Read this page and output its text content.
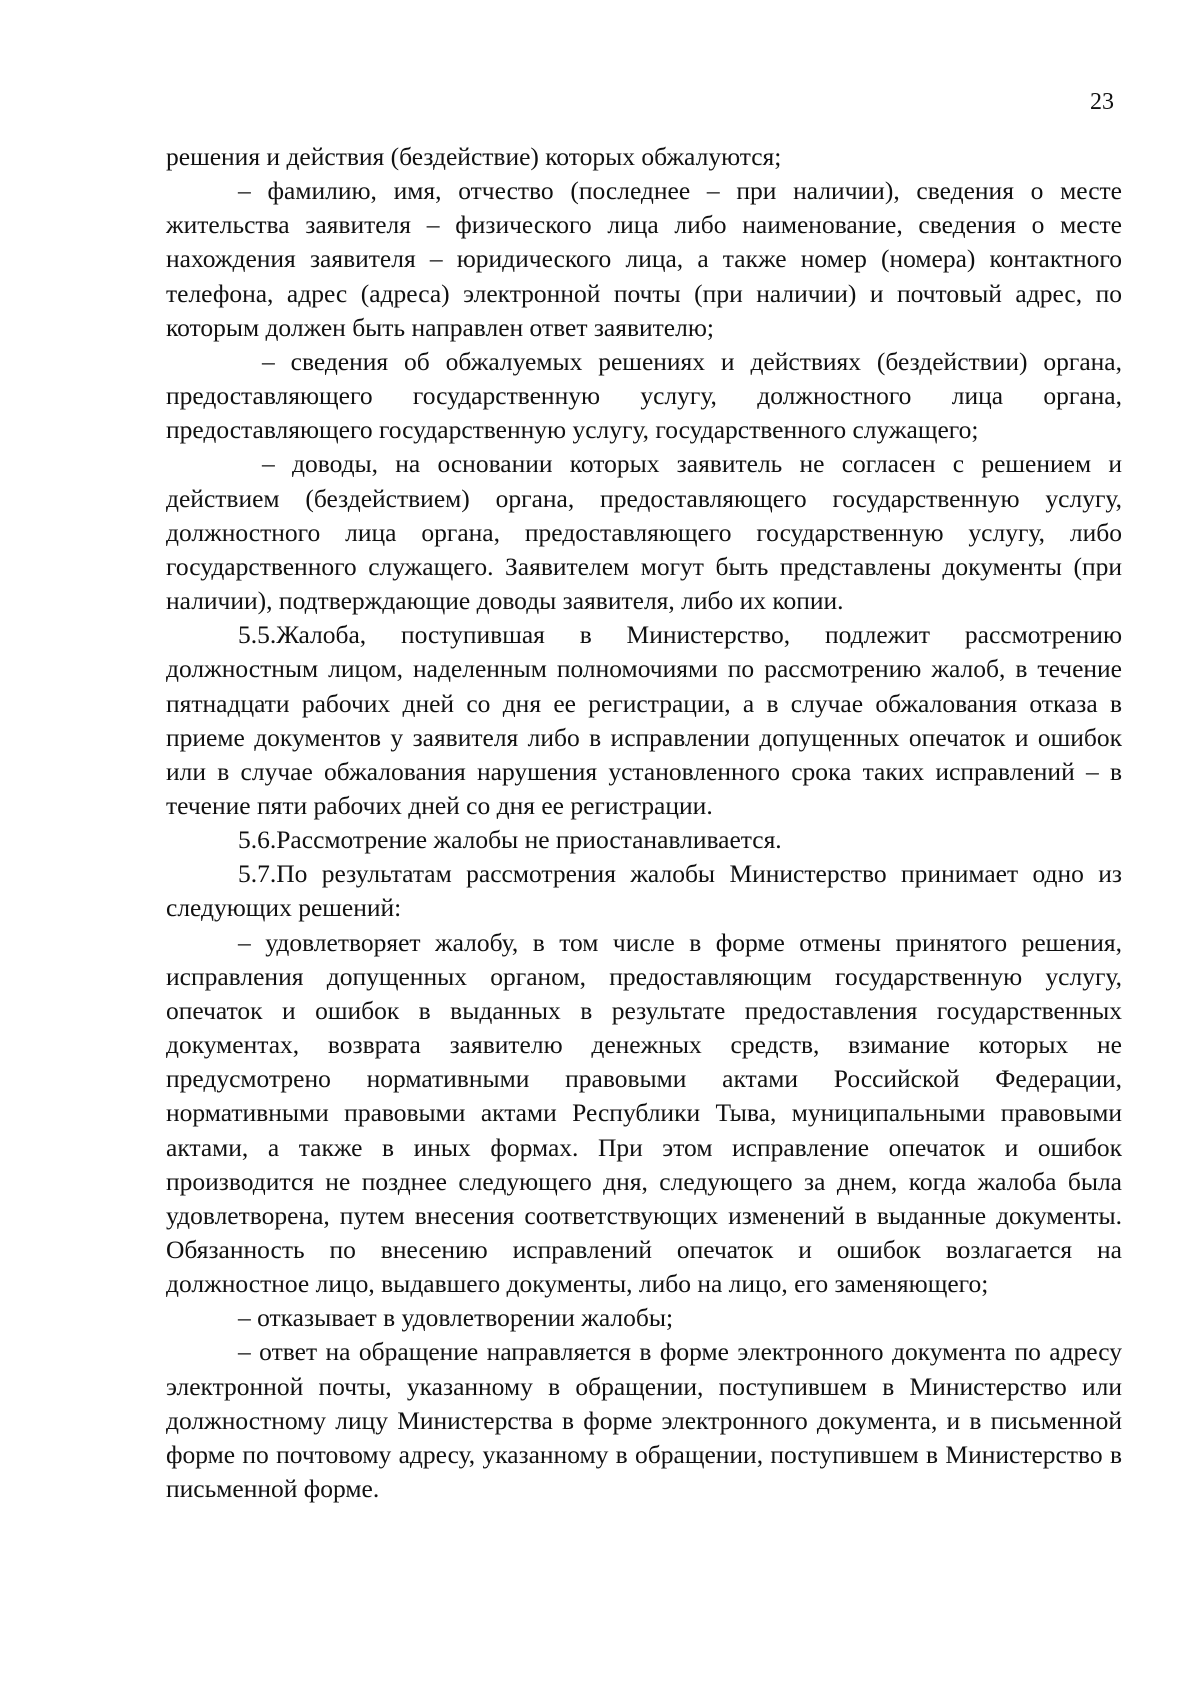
23

решения и действия (бездействие) которых обжалуются;

– фамилию, имя, отчество (последнее – при наличии), сведения о месте жительства заявителя – физического лица либо наименование, сведения о месте нахождения заявителя – юридического лица, а также номер (номера) контактного телефона, адрес (адреса) электронной почты (при наличии) и почтовый адрес, по которым должен быть направлен ответ заявителю;

– сведения об обжалуемых решениях и действиях (бездействии) органа, предоставляющего государственную услугу, должностного лица органа, предоставляющего государственную услугу, государственного служащего;

– доводы, на основании которых заявитель не согласен с решением и действием (бездействием) органа, предоставляющего государственную услугу, должностного лица органа, предоставляющего государственную услугу, либо государственного служащего. Заявителем могут быть представлены документы (при наличии), подтверждающие доводы заявителя, либо их копии.

5.5.Жалоба, поступившая в Министерство, подлежит рассмотрению должностным лицом, наделенным полномочиями по рассмотрению жалоб, в течение пятнадцати рабочих дней со дня ее регистрации, а в случае обжалования отказа в приеме документов у заявителя либо в исправлении допущенных опечаток и ошибок или в случае обжалования нарушения установленного срока таких исправлений – в течение пяти рабочих дней со дня ее регистрации.

5.6.Рассмотрение жалобы не приостанавливается.

5.7.По результатам рассмотрения жалобы Министерство принимает одно из следующих решений:

– удовлетворяет жалобу, в том числе в форме отмены принятого решения, исправления допущенных органом, предоставляющим государственную услугу, опечаток и ошибок в выданных в результате предоставления государственных документах, возврата заявителю денежных средств, взимание которых не предусмотрено нормативными правовыми актами Российской Федерации, нормативными правовыми актами Республики Тыва, муниципальными правовыми актами, а также в иных формах. При этом исправление опечаток и ошибок производится не позднее следующего дня, следующего за днем, когда жалоба была удовлетворена, путем внесения соответствующих изменений в выданные документы. Обязанность по внесению исправлений опечаток и ошибок возлагается на должностное лицо, выдавшего документы, либо на лицо, его заменяющего;

– отказывает в удовлетворении жалобы;

– ответ на обращение направляется в форме электронного документа по адресу электронной почты, указанному в обращении, поступившем в Министерство или должностному лицу Министерства в форме электронного документа, и в письменной форме по почтовому адресу, указанному в обращении, поступившем в Министерство в письменной форме.
